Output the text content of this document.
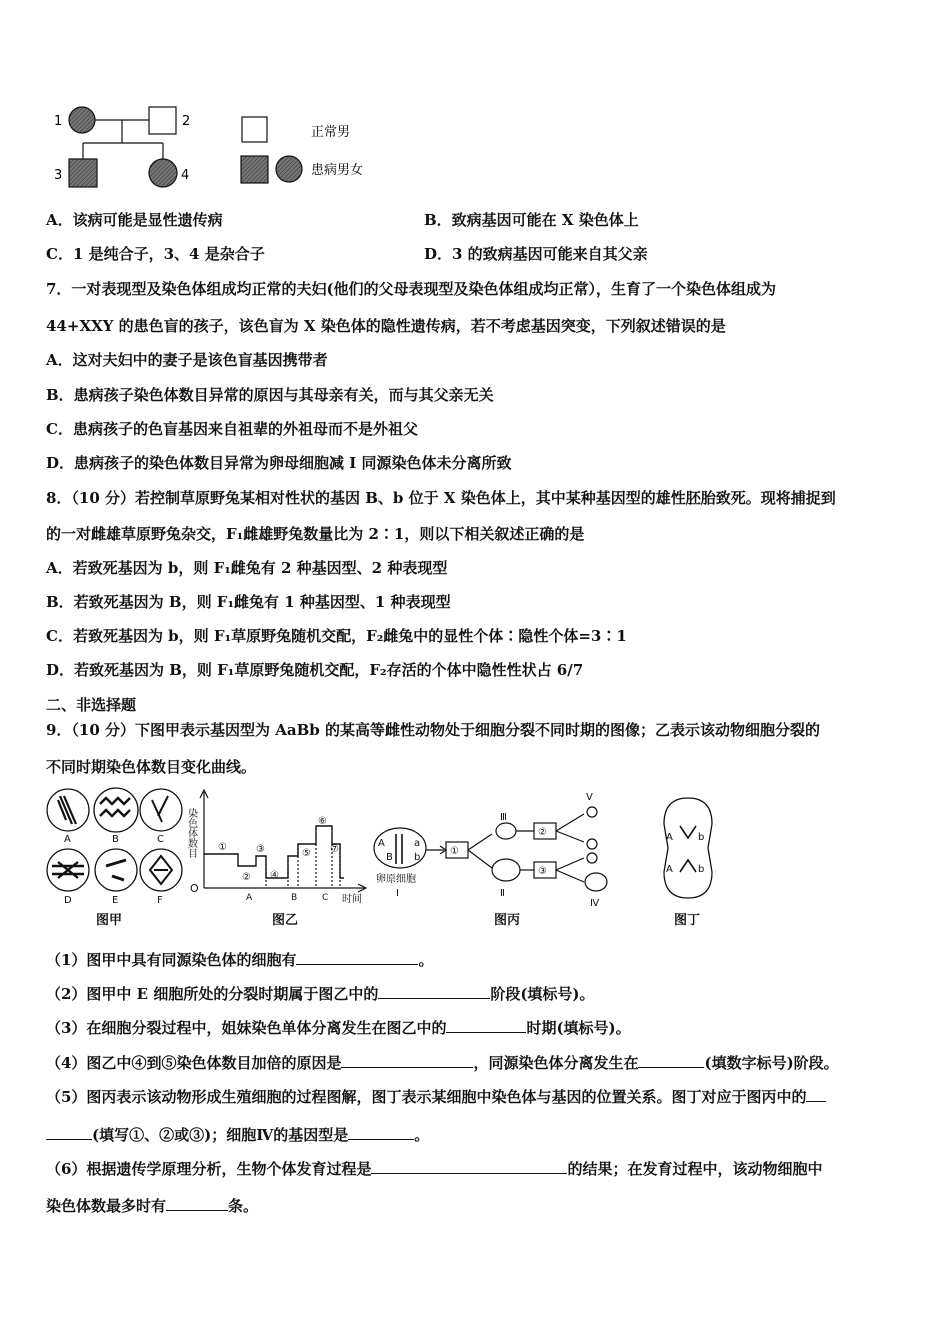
1	2
3	4
正常男
患病男女
A．该病可能是显性遗传病	B．致病基因可能在 X 染色体上
C．1 是纯合子，3、4 是杂合子	D．3 的致病基因可能来自其父亲
7．一对表现型及染色体组成均正常的夫妇(他们的父母表现型及染色体组成均正常），生育了一个染色体组成为
44+XXY 的患色盲的孩子，该色盲为 X 染色体的隐性遗传病，若不考虑基因突变，下列叙述错误的是
A．这对夫妇中的妻子是该色盲基因携带者
B．患病孩子染色体数目异常的原因与其母亲有关，而与其父亲无关
C．患病孩子的色盲基因来自祖辈的外祖母而不是外祖父
D．患病孩子的染色体数目异常为卵母细胞减 I 同源染色体未分离所致
8．（10 分）若控制草原野兔某相对性状的基因 B、b 位于 X 染色体上，其中某种基因型的雄性胚胎致死。现将捕捉到
的一对雌雄草原野兔杂交，F₁雌雄野兔数量比为 2∶1，则以下相关叙述正确的是
A．若致死基因为 b，则 F₁雌兔有 2 种基因型、2 种表现型
B．若致死基因为 B，则 F₁雌兔有 1 种基因型、1 种表现型
C．若致死基因为 b，则 F₁草原野兔随机交配，F₂雌兔中的显性个体∶隐性个体=3∶1
D．若致死基因为 B，则 F₁草原野兔随机交配，F₂存活的个体中隐性性状占 6/7
二、非选择题
9．（10 分）下图甲表示基因型为 AaBb 的某高等雌性动物处于细胞分裂不同时期的图像；乙表示该动物细胞分裂的
不同时期染色体数目变化曲线。
A	B	C
D	E	F
图甲
O
染色体数目
时间
①
②
③
④
⑤
⑥
⑦
A	B	C
图乙
A	a
B b
卵原细胞
Ⅰ
①
Ⅲ
Ⅱ
②
③
Ⅴ
Ⅳ
图丙
A	b
A	b
图丁
（1）图甲中具有同源染色体的细胞有	。
（2）图甲中 E 细胞所处的分裂时期属于图乙中的	阶段(填标号)。
（3）在细胞分裂过程中，姐妹染色单体分离发生在图乙中的	时期(填标号)。
（4）图乙中④到⑤染色体数目加倍的原因是	，同源染色体分离发生在	(填数字标号)阶段。
（5）图丙表示该动物形成生殖细胞的过程图解，图丁表示某细胞中染色体与基因的位置关系。图丁对应于图丙中的
(填写①、②或③)；细胞Ⅳ的基因型是	。
（6）根据遗传学原理分析，生物个体发育过程是	的结果；在发育过程中，该动物细胞中
染色体数最多时有	条。
